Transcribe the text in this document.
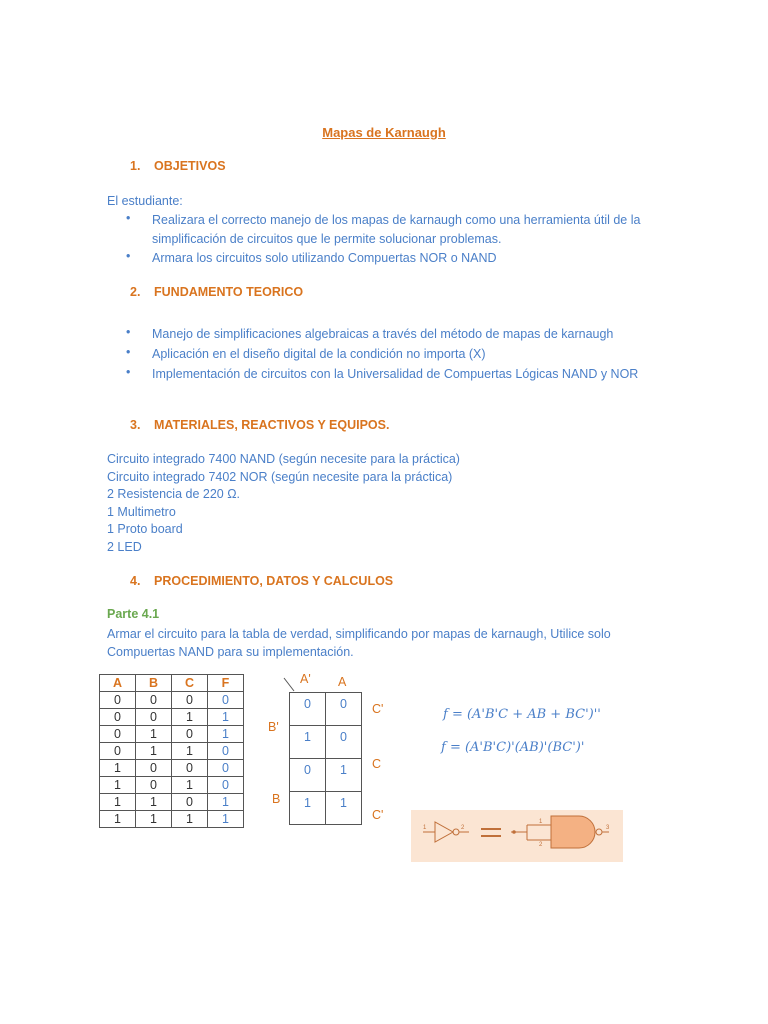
Mapas de Karnaugh
1. OBJETIVOS
El estudiante:
• Realizara el correcto manejo de los mapas de karnaugh como una herramienta útil de la simplificación de circuitos que le permite solucionar problemas.
• Armara los circuitos solo utilizando Compuertas NOR o NAND
2. FUNDAMENTO TEORICO
• Manejo de simplificaciones algebraicas a través del método de mapas de karnaugh
• Aplicación en el diseño digital de la condición no importa (X)
• Implementación de circuitos con la Universalidad de Compuertas Lógicas NAND y NOR
3. MATERIALES, REACTIVOS Y EQUIPOS.
Circuito integrado 7400 NAND (según necesite para la práctica)
Circuito integrado 7402 NOR (según necesite para la práctica)
2 Resistencia de 220 Ω.
1 Multimetro
1 Proto board
2 LED
4. PROCEDIMIENTO, DATOS Y CALCULOS
Parte 4.1
Armar el circuito para la tabla de verdad, simplificando por mapas de karnaugh, Utilice solo
Compuertas NAND para su implementación.
A	B	C	F
0	0	0	0
0	0	1	1
0	1	0	1
0	1	1	0
1	0	0	0
1	0	1	0
1	1	0	1
1	1	1	1
A' A
B'
B
C'
C
C'
0	0
1	0
0	1
1	1
f = (A'B'C + AB + BC')''
f = (A'B'C)'(AB)'(BC')'
1	2
1
2
3
